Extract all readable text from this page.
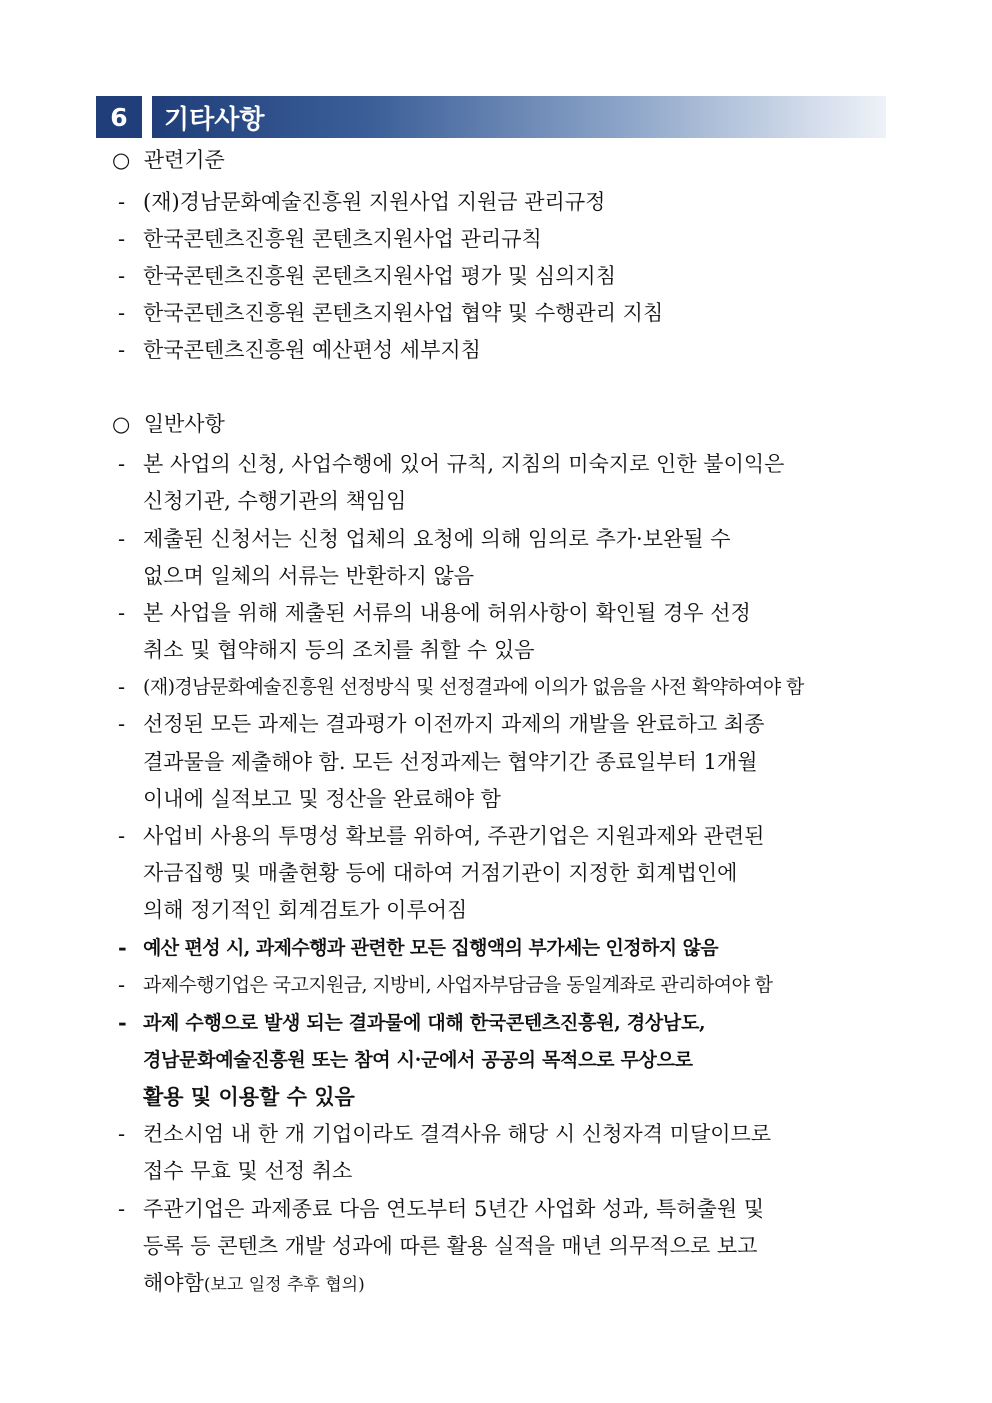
6	기타사항
○ 관련기준
- (재)경남문화예술진흥원 지원사업 지원금 관리규정
- 한국콘텐츠진흥원 콘텐츠지원사업 관리규칙
- 한국콘텐츠진흥원 콘텐츠지원사업 평가 및 심의지침
- 한국콘텐츠진흥원 콘텐츠지원사업 협약 및 수행관리 지침
- 한국콘텐츠진흥원 예산편성 세부지침
○ 일반사항
- 본 사업의 신청, 사업수행에 있어 규칙, 지침의 미숙지로 인한 불이익은
신청기관, 수행기관의 책임임
- 제출된 신청서는 신청 업체의 요청에 의해 임의로 추가·보완될 수
없으며 일체의 서류는 반환하지 않음
- 본 사업을 위해 제출된 서류의 내용에 허위사항이 확인될 경우 선정
취소 및 협약해지 등의 조치를 취할 수 있음
- (재)경남문화예술진흥원 선정방식 및 선정결과에 이의가 없음을 사전 확약하여야 함
- 선정된 모든 과제는 결과평가 이전까지 과제의 개발을 완료하고 최종
결과물을 제출해야 함. 모든 선정과제는 협약기간 종료일부터 1개월
이내에 실적보고 및 정산을 완료해야 함
- 사업비 사용의 투명성 확보를 위하여, 주관기업은 지원과제와 관련된
자금집행 및 매출현황 등에 대하여 거점기관이 지정한 회계법인에
의해 정기적인 회계검토가 이루어짐
- 예산 편성 시, 과제수행과 관련한 모든 집행액의 부가세는 인정하지 않음
- 과제수행기업은 국고지원금, 지방비, 사업자부담금을 동일계좌로 관리하여야 함
- 과제 수행으로 발생 되는 결과물에 대해 한국콘텐츠진흥원, 경상남도,
경남문화예술진흥원 또는 참여 시·군에서 공공의 목적으로 무상으로
활용 및 이용할 수 있음
- 컨소시엄 내 한 개 기업이라도 결격사유 해당 시 신청자격 미달이므로
접수 무효 및 선정 취소
- 주관기업은 과제종료 다음 연도부터 5년간 사업화 성과, 특허출원 및
등록 등 콘텐츠 개발 성과에 따른 활용 실적을 매년 의무적으로 보고
해야함(보고 일정 추후 협의)
